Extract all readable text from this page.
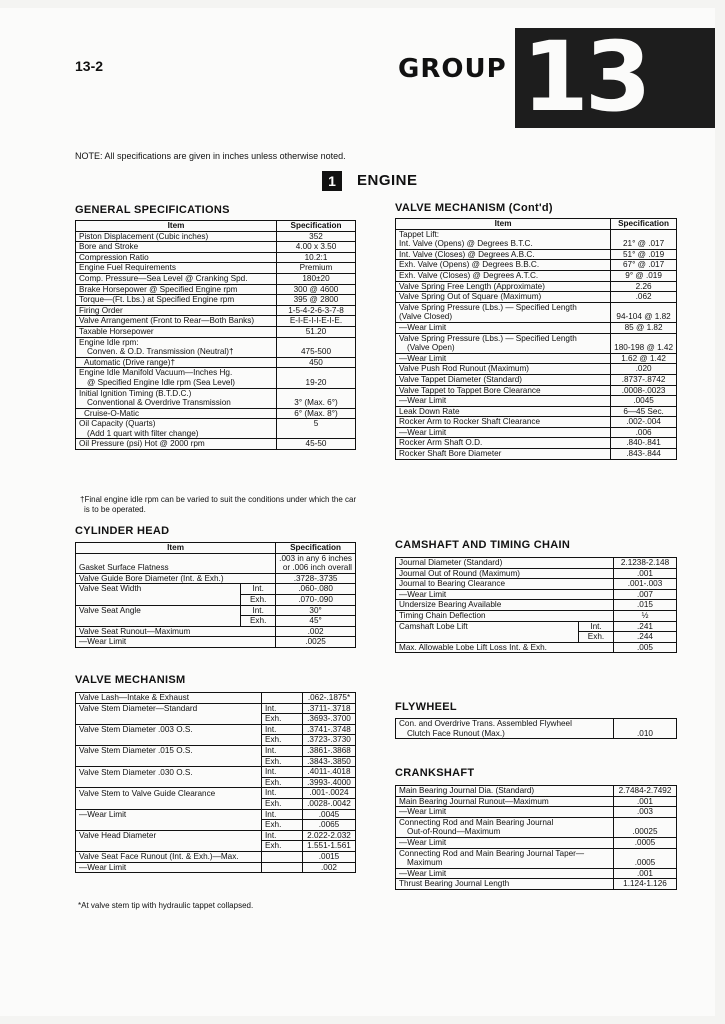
13-2	GROUP 13
NOTE: All specifications are given in inches unless otherwise noted.
1	ENGINE
GENERAL SPECIFICATIONS
Item	Specification
Piston Displacement (Cubic inches)	352
Bore and Stroke	4.00 x 3.50
Compression Ratio	10.2:1
Engine Fuel Requirements	Premium
Comp. Pressure—Sea Level @ Cranking Spd.	180±20
Brake Horsepower @ Specified Engine rpm	300 @ 4600
Torque—(Ft. Lbs.) at Specified Engine rpm	395 @ 2800
Firing Order	1-5-4-2-6-3-7-8
Valve Arrangement (Front to Rear—Both Banks)	E-I-E-I-I-E-I-E.
Taxable Horsepower	51.20

Engine Idle rpm:
Conven. & O.D. Transmission (Neutral)†	475-500
Automatic (Drive range)†	450

Engine Idle Manifold Vacuum—Inches Hg.
@ Specified Engine Idle rpm (Sea Level)	19-20

Initial Ignition Timing (B.T.D.C.)
Conventional & Overdrive Transmission	3° (Max. 6°)
Cruise-O-Matic	6° (Max. 8°)

Oil Capacity (Quarts)
(Add 1 quart with filter change)	5
Oil Pressure (psi) Hot @ 2000 rpm	45-50
†Final engine idle rpm can be varied to suit the conditions under which the car is to be operated.
CYLINDER HEAD
Item		Specification
Gasket Surface Flatness		.003 in any 6 inches
or .006 inch overall

Valve Guide Bore Diameter (Int. & Exh.)		.3728-.3735
Valve Seat Width	Int.	.060-.080
	Exh.	.070-.090
Valve Seat Angle	Int.	30°
	Exh.	45°
Valve Seat Runout—Maximum		.002
—Wear Limit		.0025
VALVE MECHANISM
Valve Lash—Intake & Exhaust		.062-.1875*
Valve Stem Diameter—Standard	Int.	.3711-.3718
	Exh.	.3693-.3700
Valve Stem Diameter .003 O.S.	Int.	.3741-.3748
	Exh.	.3723-.3730
Valve Stem Diameter .015 O.S.	Int.	.3861-.3868
	Exh.	.3843-.3850
Valve Stem Diameter .030 O.S.	Int.	.4011-.4018
	Exh.	.3993-.4000
Valve Stem to Valve Guide Clearance	Int.	.001-.0024
	Exh.	.0028-.0042
—Wear Limit	Int.	.0045
	Exh.	.0065
Valve Head Diameter	Int.	2.022-2.032
	Exh.	1.551-1.561
Valve Seat Face Runout (Int. & Exh.)—Max.		.0015
—Wear Limit		.002
*At valve stem tip with hydraulic tappet collapsed.
VALVE MECHANISM (Cont'd)
Item	Specification

Tappet Lift:
Int. Valve (Opens) @ Degrees B.T.C.	21° @ .017
Int. Valve (Closes) @ Degrees A.B.C.	51° @ .019
Exh. Valve (Opens) @ Degrees B.B.C.	67° @ .017
Exh. Valve (Closes) @ Degrees A.T.C.	9° @ .019
Valve Spring Free Length (Approximate)	2.26
Valve Spring Out of Square (Maximum)	.062

Valve Spring Pressure (Lbs.) — Specified Length
(Valve Closed)	94-104 @ 1.82
—Wear Limit	85 @ 1.82

Valve Spring Pressure (Lbs.) — Specified Length
(Valve Open)	180-198 @ 1.42
—Wear Limit	1.62 @ 1.42
Valve Push Rod Runout (Maximum)	.020
Valve Tappet Diameter (Standard)	.8737-.8742
Valve Tappet to Tappet Bore Clearance	.0008-.0023
—Wear Limit	.0045
Leak Down Rate	6—45 Sec.
Rocker Arm to Rocker Shaft Clearance	.002-.004
—Wear Limit	.006
Rocker Arm Shaft O.D.	.840-.841
Rocker Shaft Bore Diameter	.843-.844
CAMSHAFT AND TIMING CHAIN
Journal Diameter (Standard)		2.1238-2.148
Journal Out of Round (Maximum)		.001
Journal to Bearing Clearance		.001-.003
—Wear Limit		.007
Undersize Bearing Available		.015
Timing Chain Deflection		½
Camshaft Lobe Lift	Int.	.241
	Exh.	.244
Max. Allowable Lobe Lift Loss Int. & Exh.		.005
FLYWHEEL
Con. and Overdrive Trans. Assembled Flywheel
Clutch Face Runout (Max.)	.010
CRANKSHAFT
Main Bearing Journal Dia. (Standard)	2.7484-2.7492
Main Bearing Journal Runout—Maximum	.001
—Wear Limit	.003

Connecting Rod and Main Bearing Journal
Out-of-Round—Maximum	.00025
—Wear Limit	.0005

Connecting Rod and Main Bearing Journal Taper—
Maximum	.0005
—Wear Limit	.001
Thrust Bearing Journal Length	1.124-1.126
